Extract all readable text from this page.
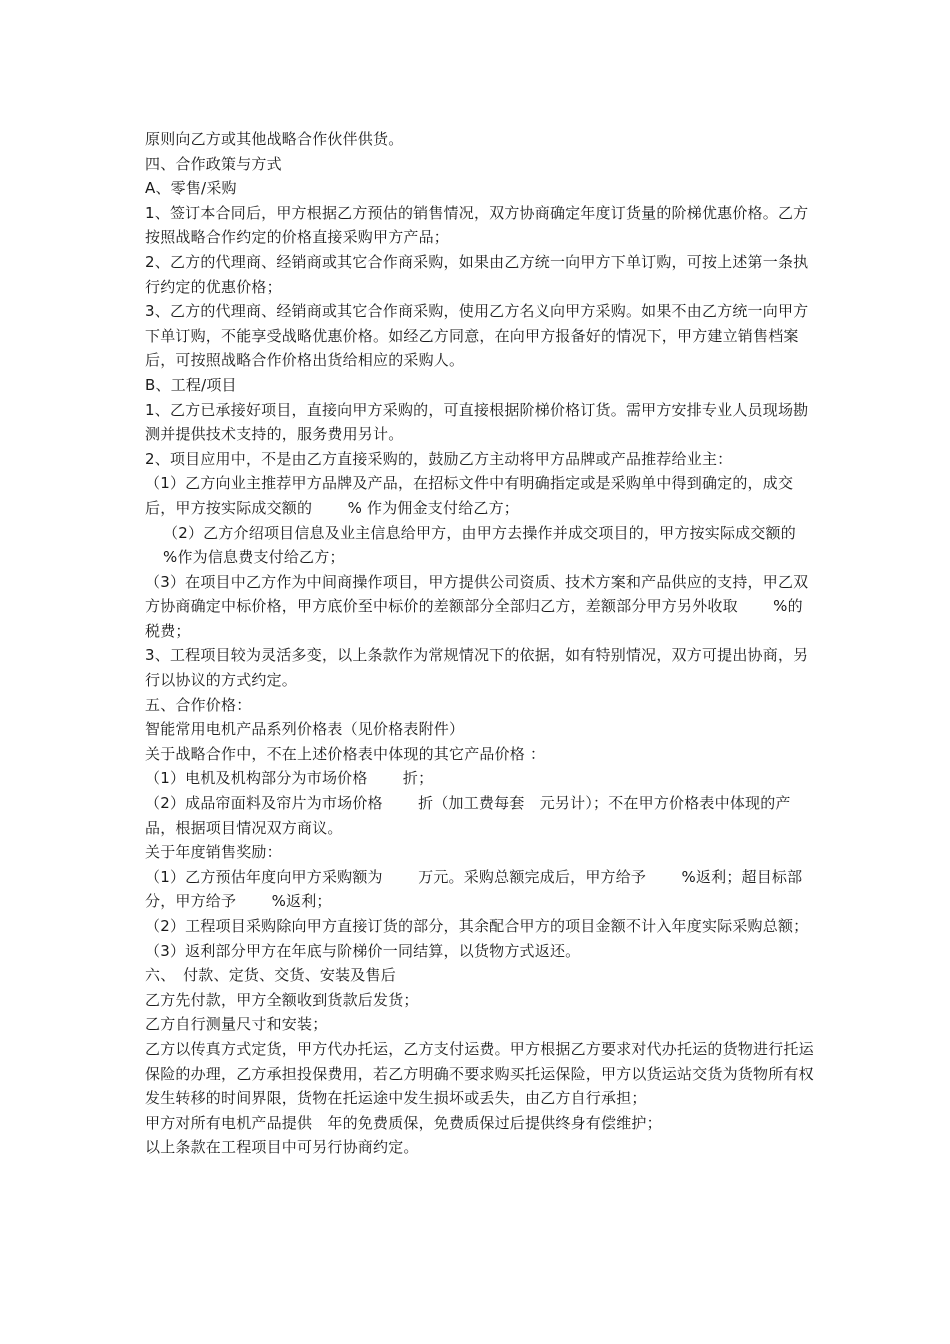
原则向乙方或其他战略合作伙伴供货。

四、合作政策与方式

A、零售/采购

1、签订本合同后，甲方根据乙方预估的销售情况，双方协商确定年度订货量的阶梯优惠价格。乙方按照战略合作约定的价格直接采购甲方产品；

2、乙方的代理商、经销商或其它合作商采购，如果由乙方统一向甲方下单订购，可按上述第一条执行约定的优惠价格；

3、乙方的代理商、经销商或其它合作商采购，使用乙方名义向甲方采购。如果不由乙方统一向甲方下单订购，不能享受战略优惠价格。如经乙方同意，在向甲方报备好的情况下，甲方建立销售档案后，可按照战略合作价格出货给相应的采购人。

B、工程/项目

1、乙方已承接好项目，直接向甲方采购的，可直接根据阶梯价格订货。需甲方安排专业人员现场勘测并提供技术支持的，服务费用另计。

2、项目应用中，不是由乙方直接采购的，鼓励乙方主动将甲方品牌或产品推荐给业主：

（1）乙方向业主推荐甲方品牌及产品，在招标文件中有明确指定或是采购单中得到确定的，成交后，甲方按实际成交额的　　 % 作为佣金支付给乙方；

（2）乙方介绍项目信息及业主信息给甲方，由甲方去操作并成交项目的，甲方按实际成交额的　　 %作为信息费支付给乙方；

（3）在项目中乙方作为中间商操作项目，甲方提供公司资质、技术方案和产品供应的支持，甲乙双方协商确定中标价格，甲方底价至中标价的差额部分全部归乙方，差额部分甲方另外收取　　 %的税费；

3、工程项目较为灵活多变，以上条款作为常规情况下的依据，如有特别情况，双方可提出协商，另行以协议的方式约定。

五、合作价格：

智能常用电机产品系列价格表（见价格表附件）

关于战略合作中，不在上述价格表中体现的其它产品价格 ：

（1）电机及机构部分为市场价格　　 折；

（2）成品帘面料及帘片为市场价格　　 折（加工费每套　元另计）；不在甲方价格表中体现的产品，根据项目情况双方商议。

关于年度销售奖励：

（1）乙方预估年度向甲方采购额为　　 万元。采购总额完成后，甲方给予　　 %返利；超目标部分，甲方给予　　 %返利；

（2）工程项目采购除向甲方直接订货的部分，其余配合甲方的项目金额不计入年度实际采购总额；

（3）返利部分甲方在年底与阶梯价一同结算，以货物方式返还。

六、　付款、定货、交货、安装及售后

乙方先付款，甲方全额收到货款后发货；

乙方自行测量尺寸和安装；

乙方以传真方式定货，甲方代办托运，乙方支付运费。甲方根据乙方要求对代办托运的货物进行托运保险的办理，乙方承担投保费用，若乙方明确不要求购买托运保险，甲方以货运站交货为货物所有权发生转移的时间界限，货物在托运途中发生损坏或丢失，由乙方自行承担；

甲方对所有电机产品提供　年的免费质保，免费质保过后提供终身有偿维护；

以上条款在工程项目中可另行协商约定。
